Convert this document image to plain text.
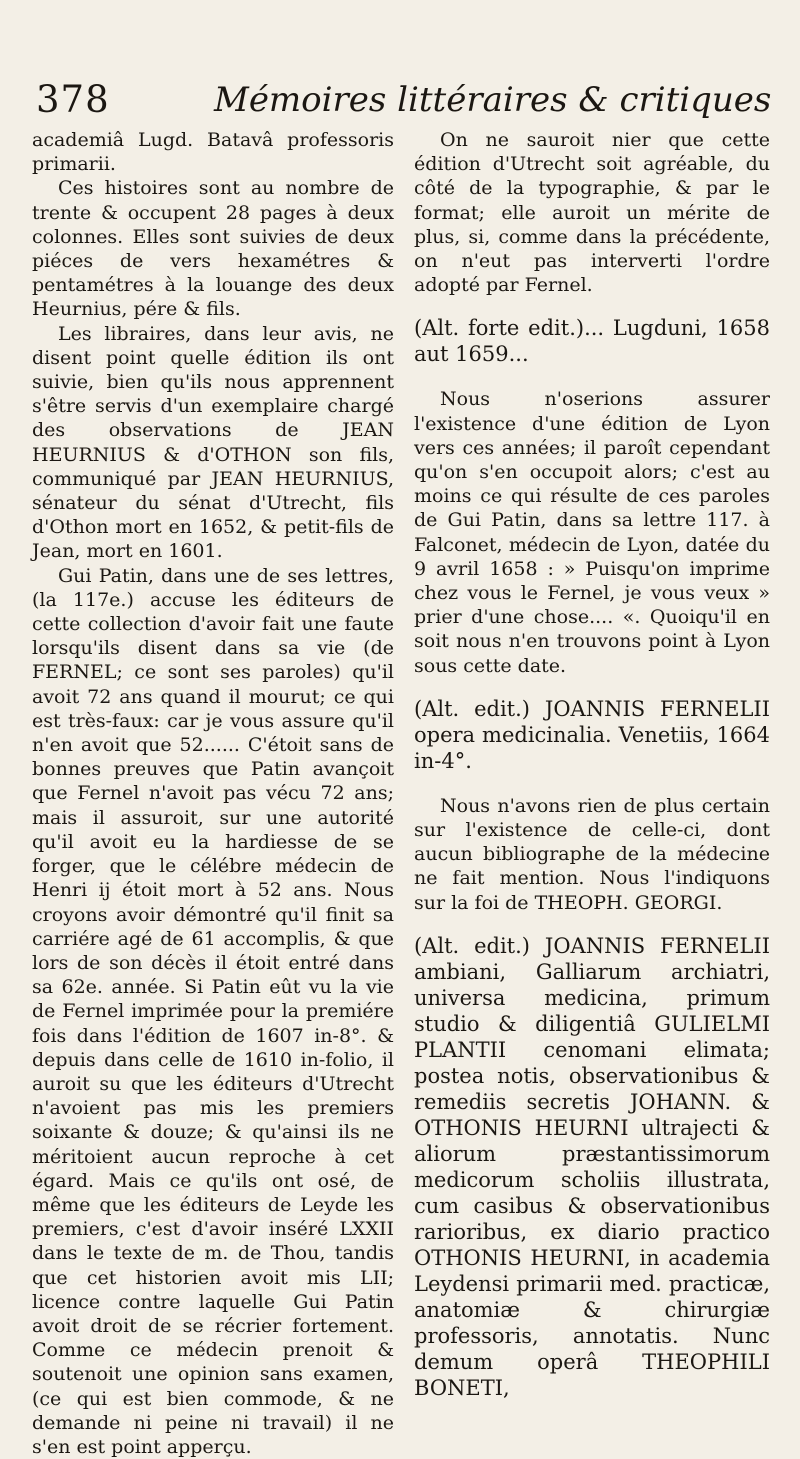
378	Mémoires littéraires & critiques

academiâ Lugd. Batavâ professoris primarii.

Ces histoires sont au nombre de trente & occupent 28 pages à deux colonnes. Elles sont suivies de deux piéces de vers hexamétres & pentamétres à la louange des deux Heurnius, pére & fils.

Les libraires, dans leur avis, ne disent point quelle édition ils ont suivie, bien qu'ils nous apprennent s'être servis d'un exemplaire chargé des observations de JEAN HEURNIUS & d'OTHON son fils, communiqué par JEAN HEURNIUS, sénateur du sénat d'Utrecht, fils d'Othon mort en 1652, & petit-fils de Jean, mort en 1601.

Gui Patin, dans une de ses lettres, (la 117e.) accuse les éditeurs de cette collection d'avoir fait une faute lorsqu'ils disent dans sa vie (de FERNEL; ce sont ses paroles) qu'il avoit 72 ans quand il mourut; ce qui est très-faux: car je vous assure qu'il n'en avoit que 52...... C'étoit sans de bonnes preuves que Patin avançoit que Fernel n'avoit pas vécu 72 ans; mais il assuroit, sur une autorité qu'il avoit eu la hardiesse de se forger, que le célébre médecin de Henri ij étoit mort à 52 ans. Nous croyons avoir démontré qu'il finit sa carriére agé de 61 accomplis, & que lors de son décès il étoit entré dans sa 62e. année. Si Patin eût vu la vie de Fernel imprimée pour la premiére fois dans l'édition de 1607 in-8°. & depuis dans celle de 1610 in-folio, il auroit su que les éditeurs d'Utrecht n'avoient pas mis les premiers soixante & douze; & qu'ainsi ils ne méritoient aucun reproche à cet égard. Mais ce qu'ils ont osé, de même que les éditeurs de Leyde les premiers, c'est d'avoir inséré LXXII dans le texte de m. de Thou, tandis que cet historien avoit mis LII; licence contre laquelle Gui Patin avoit droit de se récrier fortement. Comme ce médecin prenoit & soutenoit une opinion sans examen, (ce qui est bien commode, & ne demande ni peine ni travail) il ne s'en est point apperçu.

On ne sauroit nier que cette édition d'Utrecht soit agréable, du côté de la typographie, & par le format; elle auroit un mérite de plus, si, comme dans la précédente, on n'eut pas interverti l'ordre adopté par Fernel.

(Alt. forte edit.)... Lugduni, 1658 aut 1659...

Nous n'oserions assurer l'existence d'une édition de Lyon vers ces années; il paroît cependant qu'on s'en occupoit alors; c'est au moins ce qui résulte de ces paroles de Gui Patin, dans sa lettre 117. à Falconet, médecin de Lyon, datée du 9 avril 1658 : » Puisqu'on imprime chez vous le Fernel, je vous veux » prier d'une chose.... «. Quoiqu'il en soit nous n'en trouvons point à Lyon sous cette date.

(Alt. edit.) JOANNIS FERNELII opera medicinalia. Venetiis, 1664 in-4°.

Nous n'avons rien de plus certain sur l'existence de celle-ci, dont aucun bibliographe de la médecine ne fait mention. Nous l'indiquons sur la foi de THEOPH. GEORGI.

(Alt. edit.) JOANNIS FERNELII ambiani, Galliarum archiatri, universa medicina, primum studio & diligentiâ GULIELMI PLANTII cenomani elimata; postea notis, observationibus & remediis secretis JOHANN. & OTHONIS HEURNI ultrajecti & aliorum præstantissimorum medicorum scholiis illustrata, cum casibus & observationibus rarioribus, ex diario practico OTHONIS HEURNI, in academia Leydensi primarii med. practicæ, anatomiæ & chirurgiæ professoris, annotatis. Nunc demum operâ THEOPHILI BONETI,
